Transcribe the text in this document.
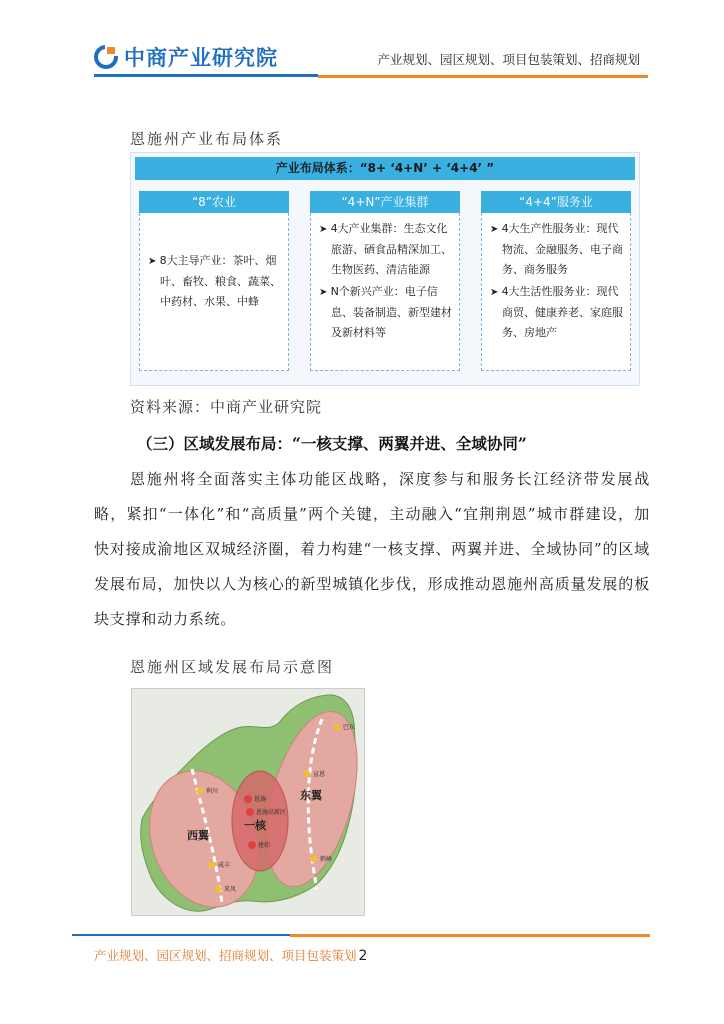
中商产业研究院	产业规划、园区规划、项目包装策划、招商规划
恩施州产业布局体系
产业布局体系：“8+ ‘4+N’ + ‘4+4’ ”
“8”农业
➤ 8大主导产业：茶叶、烟叶、畜牧、粮食、蔬菜、中药材、水果、中蜂
“4+N”产业集群
➤ 4大产业集群：生态文化旅游、硒食品精深加工、生物医药、清洁能源
➤ N个新兴产业：电子信息、装备制造、新型建材及新材料等
“4+4”服务业
➤ 4大生产性服务业：现代物流、金融服务、电子商务、商务服务
➤ 4大生活性服务业：现代商贸、健康养老、家庭服务、房地产
资料来源：中商产业研究院
（三）区域发展布局：“一核支撑、两翼并进、全域协同”
恩施州将全面落实主体功能区战略，深度参与和服务长江经济带发展战略，紧扣“一体化”和“高质量”两个关键，主动融入“宜荆荆恩”城市群建设，加快对接成渝地区双城经济圈，着力构建“一核支撑、两翼并进、全域协同”的区域发展布局，加快以人为核心的新型城镇化步伐，形成推动恩施州高质量发展的板块支撑和动力系统。
恩施州区域发展布局示意图
一核
西翼
东翼
恩施
恩施高新区
建始
利川
咸丰
来凤
巴东
鹤峰
宣恩
产业规划、园区规划、招商规划、项目包装策划 2
